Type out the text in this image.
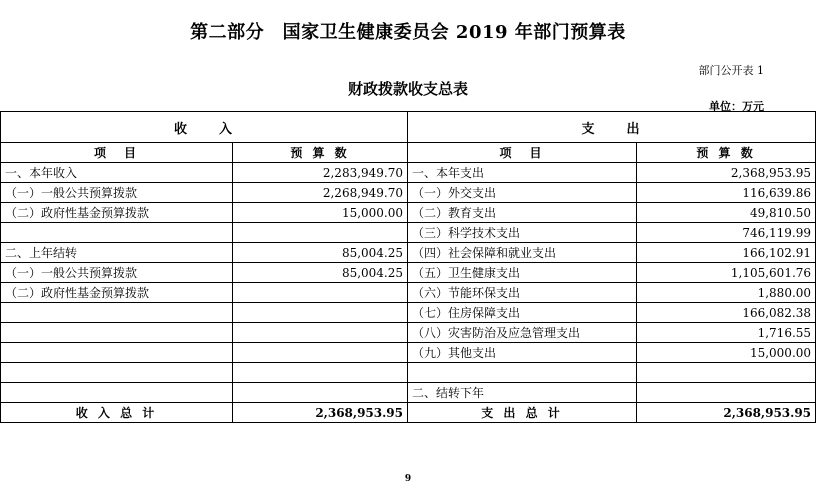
第二部分　国家卫生健康委员会 2019 年部门预算表
部门公开表 1
财政拨款收支总表
单位：万元
收　　入		支　　出	
项　目	预 算 数	项　目	预 算 数
一、本年收入	2,283,949.70	一、本年支出	2,368,953.95
（一）一般公共预算拨款	2,268,949.70	（一）外交支出	116,639.86
（二）政府性基金预算拨款	15,000.00	（二）教育支出	49,810.50
		（三）科学技术支出	746,119.99
二、上年结转	85,004.25	（四）社会保障和就业支出	166,102.91
（一）一般公共预算拨款	85,004.25	（五）卫生健康支出	1,105,601.76
（二）政府性基金预算拨款		（六）节能环保支出	1,880.00
		（七）住房保障支出	166,082.38
		（八）灾害防治及应急管理支出	1,716.55
		（九）其他支出	15,000.00

		二、结转下年	
收 入 总 计	2,368,953.95	支 出 总 计	2,368,953.95
9
